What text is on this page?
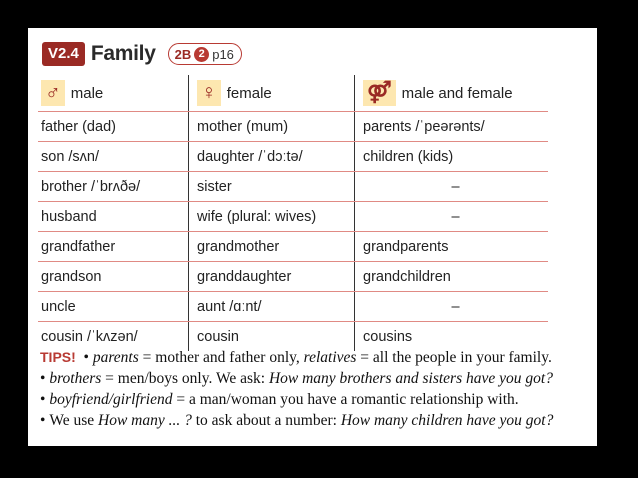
V2.4 Family 2B 2 p16
♂ male	♀ female	⚤ male and female
father (dad)	mother (mum)	parents /ˈpeərənts/
son /sʌn/	daughter /ˈdɔːtə/	children (kids)
brother /ˈbrʌðə/	sister	–
husband	wife (plural: wives)	–
grandfather	grandmother	grandparents
grandson	granddaughter	grandchildren
uncle	aunt /ɑːnt/	–
cousin /ˈkʌzən/	cousin	cousins
TIPS!  • parents = mother and father only, relatives = all the people in your family.
• brothers = men/boys only. We ask: How many brothers and sisters have you got?
• boyfriend/girlfriend = a man/woman you have a romantic relationship with.
• We use How many ... ? to ask about a number: How many children have you got?
